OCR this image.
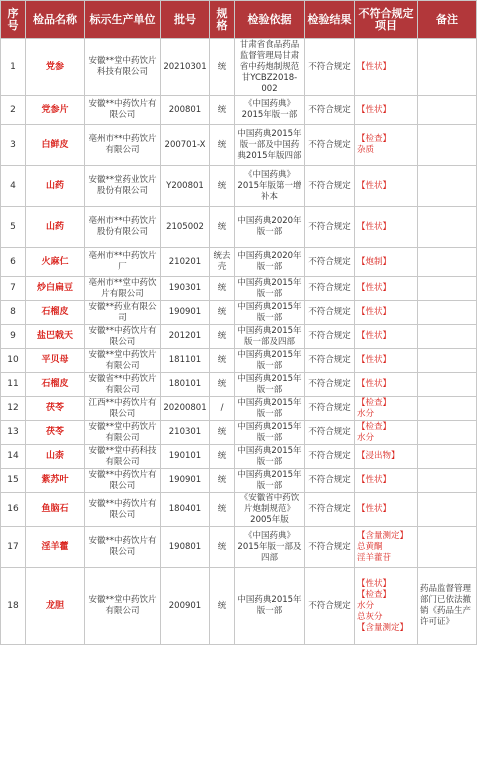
序号	检品名称	标示生产单位	批号	规格	检验依据	检验结果	不符合规定项目	备注
1	党参	安徽**堂中药饮片科技有限公司	20210301	统	甘肃省食品药品监督管理局甘肃省中药炮制规范甘YCBZ2018-002	不符合规定	【性状】	

2	党参片	安徽**中药饮片有限公司	200801	统	《中国药典》2015年版一部	不符合规定	【性状】	

3	白鲜皮	亳州市**中药饮片有限公司	200701-X	统	中国药典2015年版一部及中国药典2015年版四部	不符合规定	【检查】
杂质	

4	山药	安徽**堂药业饮片股份有限公司	Y200801	统	《中国药典》2015年版第一增补本	不符合规定	【性状】	

5	山药	亳州市**中药饮片股份有限公司	2105002	统	中国药典2020年版一部	不符合规定	【性状】	

6	火麻仁	亳州市**中药饮片厂	210201	统去壳	中国药典2020年版一部	不符合规定	【炮制】	

7	炒白扁豆	亳州市**堂中药饮片有限公司	190301	统	中国药典2015年版一部	不符合规定	【性状】	

8	石榴皮	安徽**药业有限公司	190901	统	中国药典2015年版一部	不符合规定	【性状】	

9	盐巴戟天	安徽**中药饮片有限公司	201201	统	中国药典2015年版一部及四部	不符合规定	【性状】	

10	平贝母	安徽**堂中药饮片有限公司	181101	统	中国药典2015年版一部	不符合规定	【性状】	

11	石榴皮	安徽省**中药饮片有限公司	180101	统	中国药典2015年版一部	不符合规定	【性状】	

12	茯苓	江西**中药饮片有限公司	20200801	/	中国药典2015年版一部	不符合规定	【检查】
水分	

13	茯苓	安徽**堂中药饮片有限公司	210301	统	中国药典2015年版一部	不符合规定	【检查】
水分	

14	山柰	安徽**堂中药科技有限公司	190101	统	中国药典2015年版一部	不符合规定	【浸出物】	

15	紫苏叶	安徽**中药饮片有限公司	190901	统	中国药典2015年版一部	不符合规定	【性状】	

16	鱼脑石	安徽**中药饮片有限公司	180401	统	《安徽省中药饮片炮制规范》2005年版	不符合规定	【性状】	

17	淫羊藿	安徽**中药饮片有限公司	190801	统	《中国药典》2015年版一部及四部	不符合规定	【含量测定】
总黄酮
淫羊藿苷	

18	龙胆	安徽**堂中药饮片有限公司	200901	统	中国药典2015年版一部	不符合规定	【性状】
【检查】
水分
总灰分
【含量测定】	药品监督管理部门已依法撤销《药品生产许可证》
